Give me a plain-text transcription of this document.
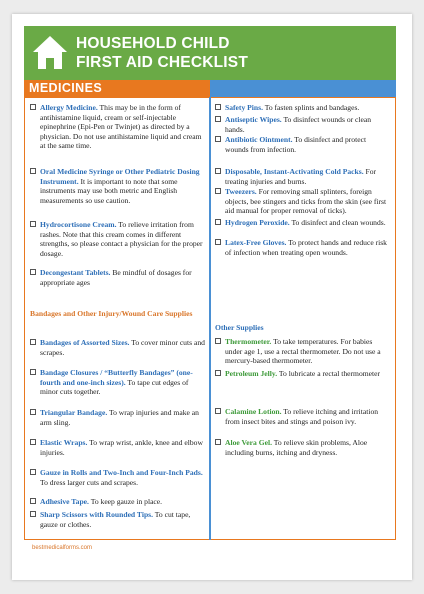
HOUSEHOLD CHILD
FIRST AID CHECKLIST
MEDICINES
Allergy Medicine. This may be in the form of antihistamine liquid, cream or self-injectable epinephrine (Epi-Pen or Twinjet) as directed by a physician. Do not use antihistamine liquid and cream at the same time.
Oral Medicine Syringe or Other Pediatric Dosing Instrument. It is important to note that some instruments may use both metric and English measurements so use caution.
Hydrocortisone Cream. To relieve irritation from rashes. Note that this cream comes in different strengths, so please contact a physician for the proper dosage.
Decongestant Tablets. Be mindful of dosages for appropriate ages
Bandages and Other Injury/Wound Care Supplies
Bandages of Assorted Sizes. To cover minor cuts and scrapes.
Bandage Closures / “Butterfly Bandages” (one-fourth and one-inch sizes). To tape cut edges of minor cuts together.
Triangular Bandage. To wrap injuries and make an arm sling.
Elastic Wraps. To wrap wrist, ankle, knee and elbow injuries.
Gauze in Rolls and Two-Inch and Four-Inch Pads. To dress larger cuts and scrapes.
Adhesive Tape. To keep gauze in place.
Sharp Scissors with Rounded Tips. To cut tape, gauze or clothes.
Safety Pins. To fasten splints and bandages.
Antiseptic Wipes. To disinfect wounds or clean hands.
Antibiotic Ointment. To disinfect and protect wounds from infection.
Disposable, Instant-Activating Cold Packs. For treating injuries and burns.
Tweezers. For removing small splinters, foreign objects, bee stingers and ticks from the skin (see first aid manual for proper removal of ticks).
Hydrogen Peroxide. To disinfect and clean wounds.
Latex-Free Gloves. To protect hands and reduce risk of infection when treating open wounds.
Other Supplies
Thermometer. To take temperatures. For babies under age 1, use a rectal thermometer. Do not use a mercury-based thermometer.
Petroleum Jelly. To lubricate a rectal thermometer
Calamine Lotion. To relieve itching and irritation from insect bites and stings and poison ivy.
Aloe Vera Gel. To relieve skin problems, Aloe including burns, itching and dryness.
bestmedicalforms.com
